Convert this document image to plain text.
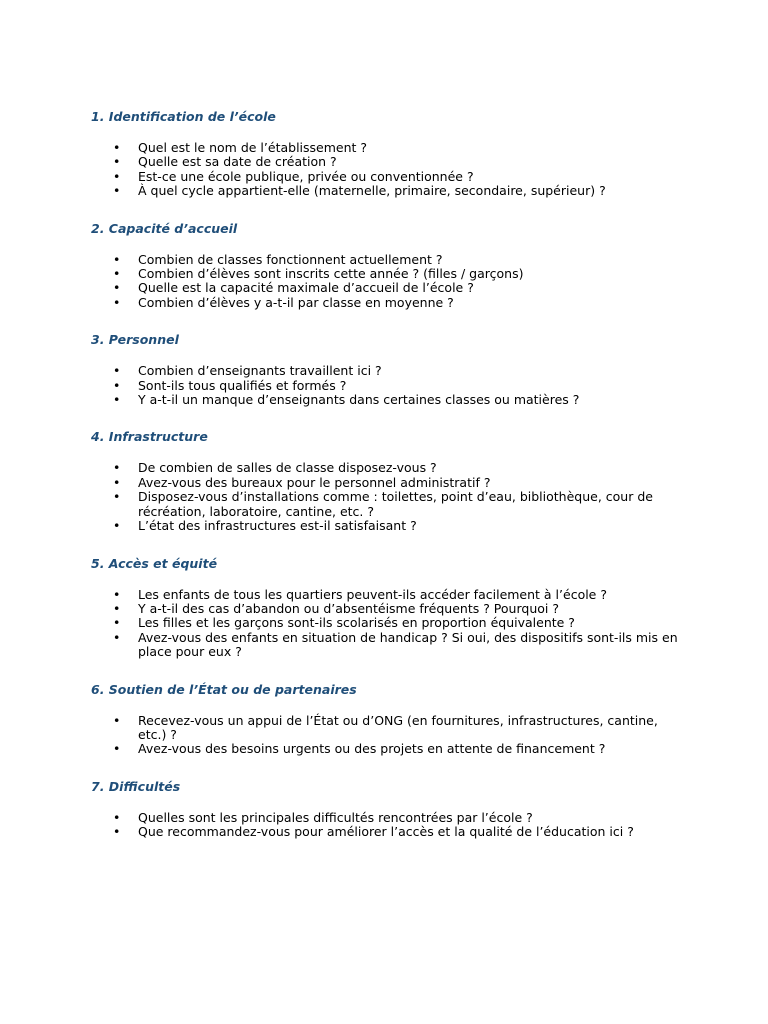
1. Identification de l’école
• Quel est le nom de l’établissement ?
• Quelle est sa date de création ?
• Est-ce une école publique, privée ou conventionnée ?
• À quel cycle appartient-elle (maternelle, primaire, secondaire, supérieur) ?
2. Capacité d’accueil
• Combien de classes fonctionnent actuellement ?
• Combien d’élèves sont inscrits cette année ? (filles / garçons)
• Quelle est la capacité maximale d’accueil de l’école ?
• Combien d’élèves y a-t-il par classe en moyenne ?
3. Personnel
• Combien d’enseignants travaillent ici ?
• Sont-ils tous qualifiés et formés ?
• Y a-t-il un manque d’enseignants dans certaines classes ou matières ?
4. Infrastructure
• De combien de salles de classe disposez-vous ?
• Avez-vous des bureaux pour le personnel administratif ?
• Disposez-vous d’installations comme : toilettes, point d’eau, bibliothèque, cour de récréation, laboratoire, cantine, etc. ?
• L’état des infrastructures est-il satisfaisant ?
5. Accès et équité
• Les enfants de tous les quartiers peuvent-ils accéder facilement à l’école ?
• Y a-t-il des cas d’abandon ou d’absentéisme fréquents ? Pourquoi ?
• Les filles et les garçons sont-ils scolarisés en proportion équivalente ?
• Avez-vous des enfants en situation de handicap ? Si oui, des dispositifs sont-ils mis en place pour eux ?
6. Soutien de l’État ou de partenaires
• Recevez-vous un appui de l’État ou d’ONG (en fournitures, infrastructures, cantine, etc.) ?
• Avez-vous des besoins urgents ou des projets en attente de financement ?
7. Difficultés
• Quelles sont les principales difficultés rencontrées par l’école ?
• Que recommandez-vous pour améliorer l’accès et la qualité de l’éducation ici ?
